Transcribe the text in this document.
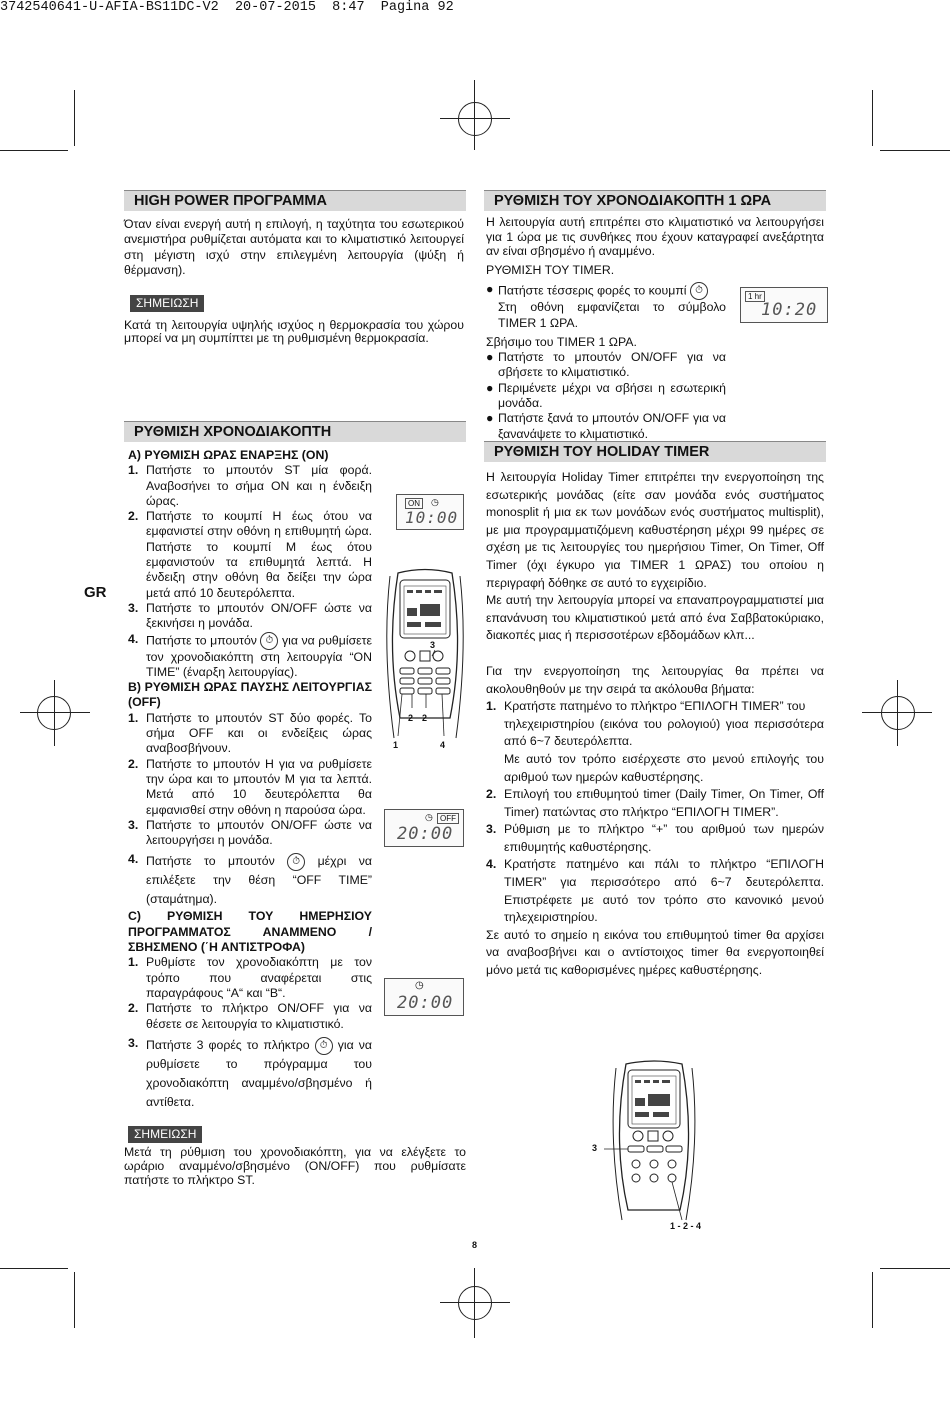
3742540641-U-AFIA-BS11DC-V2  20-07-2015  8:47  Pagina 92
GR
8
HIGH POWER ΠΡΟΓΡΑΜΜΑ
Όταν είναι ενεργή αυτή η επιλογή, η ταχύτητα του εσωτερικού ανεμιστήρα ρυθμίζεται αυτόματα και το κλιματιστικό λειτουργεί στη μέγιστη ισχύ στην επιλεγμένη λειτουργία (ψύξη ή θέρμανση).
ΣΗΜΕΙΩΣΗ
Κατά τη λειτουργία υψηλής ισχύος η θερμοκρασία του χώρου μπορεί να μη συμπίπτει με τη ρυθμισμένη θερμοκρασία.
ΡΥΘΜΙΣΗ ΧΡΟΝΟΔΙΑΚΟΠΤΗ

A) ΡΥΘΜΙΣΗ ΩΡΑΣ ΕΝΑΡΞΗΣ (ON)

1. Πατήστε το μπουτόν ST μία φορά. Αναβοσήνει το σήμα ON και η ένδειξη ώρας.
2. Πατήστε το κουμπί H έως ότου να εμφανιστεί στην οθόνη η επιθυμητή ώρα. Πατήστε το κουμπί M έως ότου εμφανιστούν τα επιθυμητά λεπτά. Η ένδειξη στην οθόνη θα δείξει την ώρα μετά από 10 δευτερόλεπτα.
3. Πατήστε το μπουτόν ON/OFF ώστε να ξεκινήσει η μονάδα.
4. Πατήστε το μπουτόν ⏱ για να ρυθμίσετε τον χρονοδιακόπτη στη λειτουργία “ON TIME” (έναρξη λειτουργίας).

B) ΡΥΘΜΙΣΗ ΩΡΑΣ ΠΑΥΣΗΣ ΛΕΙΤΟΥΡΓΙΑΣ (OFF)

1. Πατήστε το μπουτόν ST δύο φορές. Το σήμα OFF και οι ενδείξεις ώρας αναβοσβήνουν.
2. Πατήστε το μπουτόν H για να ρυθμίσετε την ώρα και το μπουτόν M για τα λεπτά. Μετά από 10 δευτερόλεπτα θα εμφανισθεί στην οθόνη η παρούσα ώρα.
3. Πατήστε το μπουτόν ON/OFF ώστε να λειτουργήσει η μονάδα.
4. Πατήστε το μπουτόν ⏱ μέχρι να επιλέξετε την θέση “OFF TIME” (σταμάτημα).

C) ΡΥΘΜΙΣΗ ΤΟΥ ΗΜΕΡΗΣΙΟΥ ΠΡΟΓΡΑΜΜΑΤΟΣ ΑΝΑΜΜΕΝΟ / ΣΒΗΣΜΕΝΟ (΄Η ΑΝΤΙΣΤΡΟΦΑ)

1. Ρυθμίστε τον χρονοδιακόπτη με τον τρόπο που αναφέρεται στις παραγράφους “Α“ και “Β“.
2. Πατήστε το πλήκτρο ON/OFF για να θέσετε σε λειτουργία το κλιματιστικό.
3. Πατήστε 3 φορές το πλήκτρο ⏱ για να ρυθμίσετε το πρόγραμμα του χρονοδιακόπτη αναμμένο/σβησμένο ή αντίθετα.
ΣΗΜΕΙΩΣΗ
Μετά τη ρύθμιση του χρονοδιακόπτη, για να ελέγξετε το ωράριο αναμμένο/σβησμένο (ON/OFF) που ρυθμίσατε πατήστε το πλήκτρο ST.
ON	◷
10:00
3
2 2
1	4
◷ OFF
20:00
◷
20:00
ΡΥΘΜΙΣΗ ΤΟΥ ΧΡΟΝΟΔΙΑΚΟΠΤΗ 1 ΩΡΑ
Η λειτουργία αυτή επιτρέπει στο κλιματιστικό να λειτουργήσει για 1 ώρα με τις συνθήκες που έχουν καταγραφεί ανεξάρτητα αν είναι σβησμένο ή αναμμένο.

ΡΥΘΜΙΣΗ ΤΟΥ TIMER.

● Πατήστε τέσσερις φορές το κουμπί ⏱
Στη οθόνη εμφανίζεται το σύμβολο TIMER 1 ΩΡΑ.

Σβήσιμο του TIMER 1 ΩΡΑ.

● Πατήστε το μπουτόν ON/OFF για να σβήσετε το κλιματιστικό.
● Περιμένετε μέχρι να σβήσει η εσωτερική μονάδα.
● Πατήστε ξανά το μπουτόν ON/OFF για να ξανανάψετε το κλιματιστικό.
1 hr
10:20
ΡΥΘΜΙΣΗ ΤΟΥ HOLIDAY TIMER

Η λειτουργία Holiday Timer επιτρέπει την ενεργοποίηση της εσωτερικής μονάδας (είτε σαν μονάδα ενός συστήματος monosplit ή μια εκ των μονάδων ενός συστήματος multisplit), με μια προγραμματιζόμενη καθυστέρηση μέχρι 99 ημέρες σε σχέση με τις λειτουργίες του ημερήσιου Timer, On Timer, Off Timer (όχι έγκυρο για TIMER 1 ΩΡΑΣ) του οποίου η περιγραφή δόθηκε σε αυτό το εγχειρίδιο.

Με αυτή την λειτουργία μπορεί να επαναπρογραμματιστεί μια επανάνυση του κλιματιστικού μετά από ένα Σαββατοκύριακο, διακοπές μιας ή περισσοτέρων εβδομάδων κλπ...

Για την ενεργοποίηση της λειτουργίας θα πρέπει να ακολουθηθούν με την σειρά τα ακόλουθα βήματα:

1. Κρατήστε πατημένο το πλήκτρο “ΕΠΙΛΟΓΗ TIMER” του
τηλεχειριστηρίου (εικόνα του ρολογιού) γιοα περισσότερα από 6~7 δευτερόλεπτα.
Με αυτό τον τρόπο εισέρχεστε στο μενού επιλογής του αριθμού των ημερών καθυστέρησης.
2. Επιλογή του επιθυμητού timer (Daily Timer, On Timer, Off Timer) πατώντας στο πλήκτρο “ΕΠΙΛΟΓΗ TIMER”.
3. Ρύθμιση με το πλήκτρο “+” του αριθμού των ημερών επιθυμητής καθυστέρησης.
4. Κρατήστε πατημένο και πάλι το πλήκτρο “ΕΠΙΛΟΓΗ TIMER” για περισσότερο από 6~7 δευτερόλεπτα. Επιστρέφετε με αυτό τον τρόπο στο κανονικό μενού τηλεχειριστηρίου.

Σε αυτό το σημείο η εικόνα του επιθυμητού timer θα αρχίσει να αναβοσβήνει και ο αντίστοιχος timer θα ενεργοποιηθεί μόνο μετά τις καθορισμένες ημέρες καθυστέρησης.

3
1 - 2 - 4
